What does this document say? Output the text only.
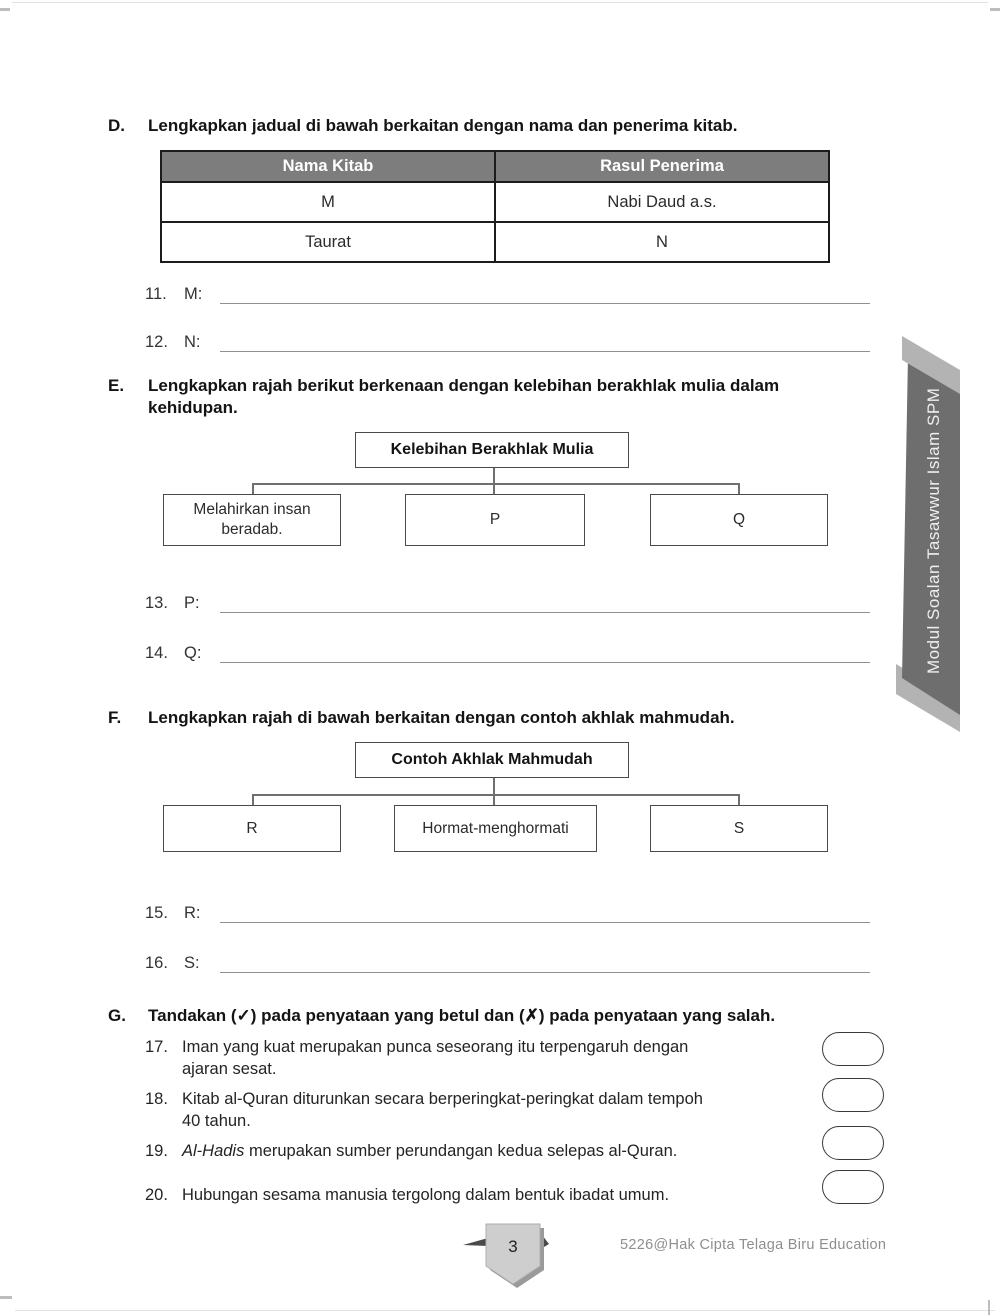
D. Lengkapkan jadual di bawah berkaitan dengan nama dan penerima kitab.
Nama Kitab	Rasul Penerima
M	Nabi Daud a.s.
Taurat	N
11.	M:
12. N:
E. Lengkapkan rajah berikut berkenaan dengan kelebihan berakhlak mulia dalam kehidupan.
Kelebihan Berakhlak Mulia
Melahirkan insan beradab.
P	Q
13. P:
14. Q:
F. Lengkapkan rajah di bawah berkaitan dengan contoh akhlak mahmudah.
Contoh Akhlak Mahmudah
R	Hormat-menghormati	S
15. R:
16. S:
G. Tandakan (✓) pada penyataan yang betul dan (✗) pada penyataan yang salah.
17. Iman yang kuat merupakan punca seseorang itu terpengaruh dengan
ajaran sesat.
18. Kitab al-Quran diturunkan secara berperingkat-peringkat dalam tempoh
40 tahun.
19. Al-Hadis merupakan sumber perundangan kedua selepas al-Quran.
20. Hubungan sesama manusia tergolong dalam bentuk ibadat umum.
Modul Soalan Tasawwur Islam SPM
3	5226@Hak Cipta Telaga Biru Education
